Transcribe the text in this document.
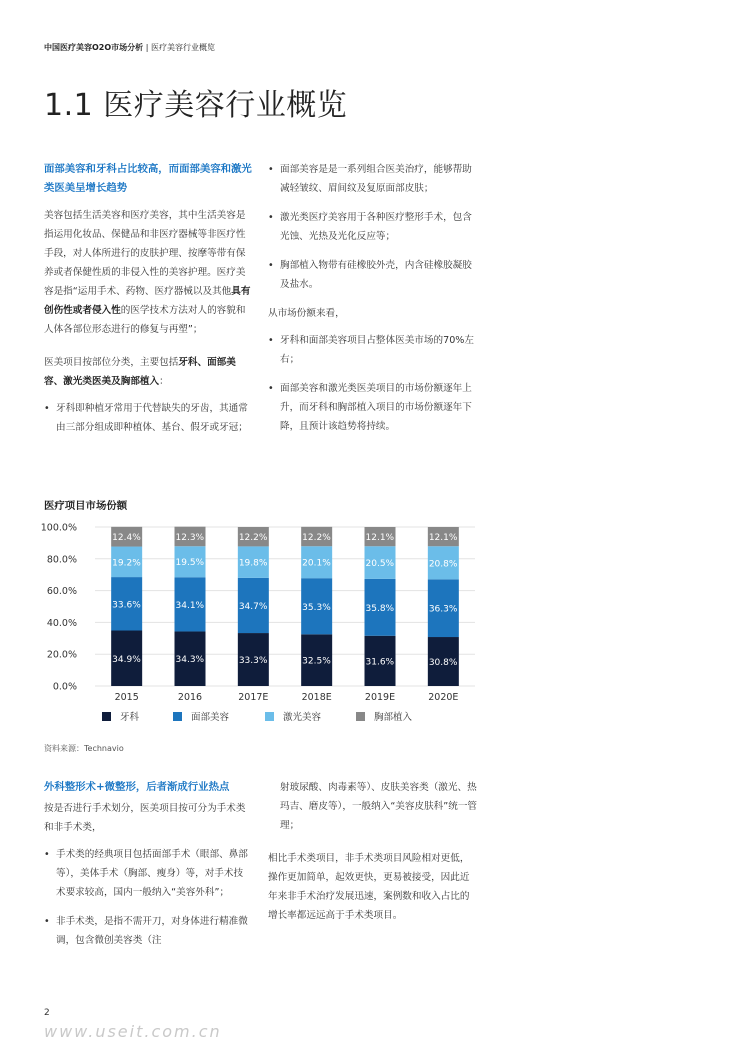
中国医疗美容O2O市场分析 | 医疗美容行业概览
1.1 医疗美容行业概览
面部美容和牙科占比较高，而面部美容和激光类医美呈增长趋势

美容包括生活美容和医疗美容，其中生活美容是指运用化妆品、保健品和非医疗器械等非医疗性手段，对人体所进行的皮肤护理、按摩等带有保养或者保健性质的非侵入性的美容护理。医疗美容是指“运用手术、药物、医疗器械以及其他具有创伤性或者侵入性的医学技术方法对人的容貌和人体各部位形态进行的修复与再塑”；

医美项目按部位分类，主要包括牙科、面部美容、激光类医美及胸部植入：

• 牙科即种植牙常用于代替缺失的牙齿，其通常由三部分组成即种植体、基台、假牙或牙冠；
• 面部美容是是一系列组合医美治疗，能够帮助减轻皱纹、眉间纹及复原面部皮肤；
• 激光类医疗美容用于各种医疗整形手术，包含光蚀、光热及光化反应等；
• 胸部植入物带有硅橡胶外壳，内含硅橡胶凝胶及盐水。

从市场份额来看，

• 牙科和面部美容项目占整体医美市场的70%左右；
• 面部美容和激光类医美项目的市场份额逐年上升，而牙科和胸部植入项目的市场份额逐年下降，且预计该趋势将持续。
医疗项目市场份额
0.0%
20.0%
40.0%
60.0%
80.0%
100.0%
34.9%
33.6%
19.2%
12.4%
2015
34.3%
34.1%
19.5%
12.3%
2016
33.3%
34.7%
19.8%
12.2%
2017E
32.5%
35.3%
20.1%
12.2%
2018E
31.6%
35.8%
20.5%
12.1%
2019E
30.8%
36.3%
20.8%
12.1%
2020E
牙科	面部美容	激光美容	胸部植入
资料来源：Technavio
外科整形术+微整形，后者渐成行业热点

按是否进行手术划分，医美项目按可分为手术类和非手术类，

• 手术类的经典项目包括面部手术（眼部、鼻部等），美体手术（胸部、瘦身）等，对手术技术要求较高，国内一般纳入“美容外科”；
• 非手术类，是指不需开刀，对身体进行精准微调，包含微创美容类（注

射玻尿酸、肉毒素等）、皮肤美容类（激光、热玛吉、磨皮等），一般纳入“美容皮肤科”统一管理；

相比手术类项目，非手术类项目风险相对更低，操作更加简单，起效更快，更易被接受，因此近年来非手术治疗发展迅速，案例数和收入占比的增长率都远远高于手术类项目。

2
www.useit.com.cn
